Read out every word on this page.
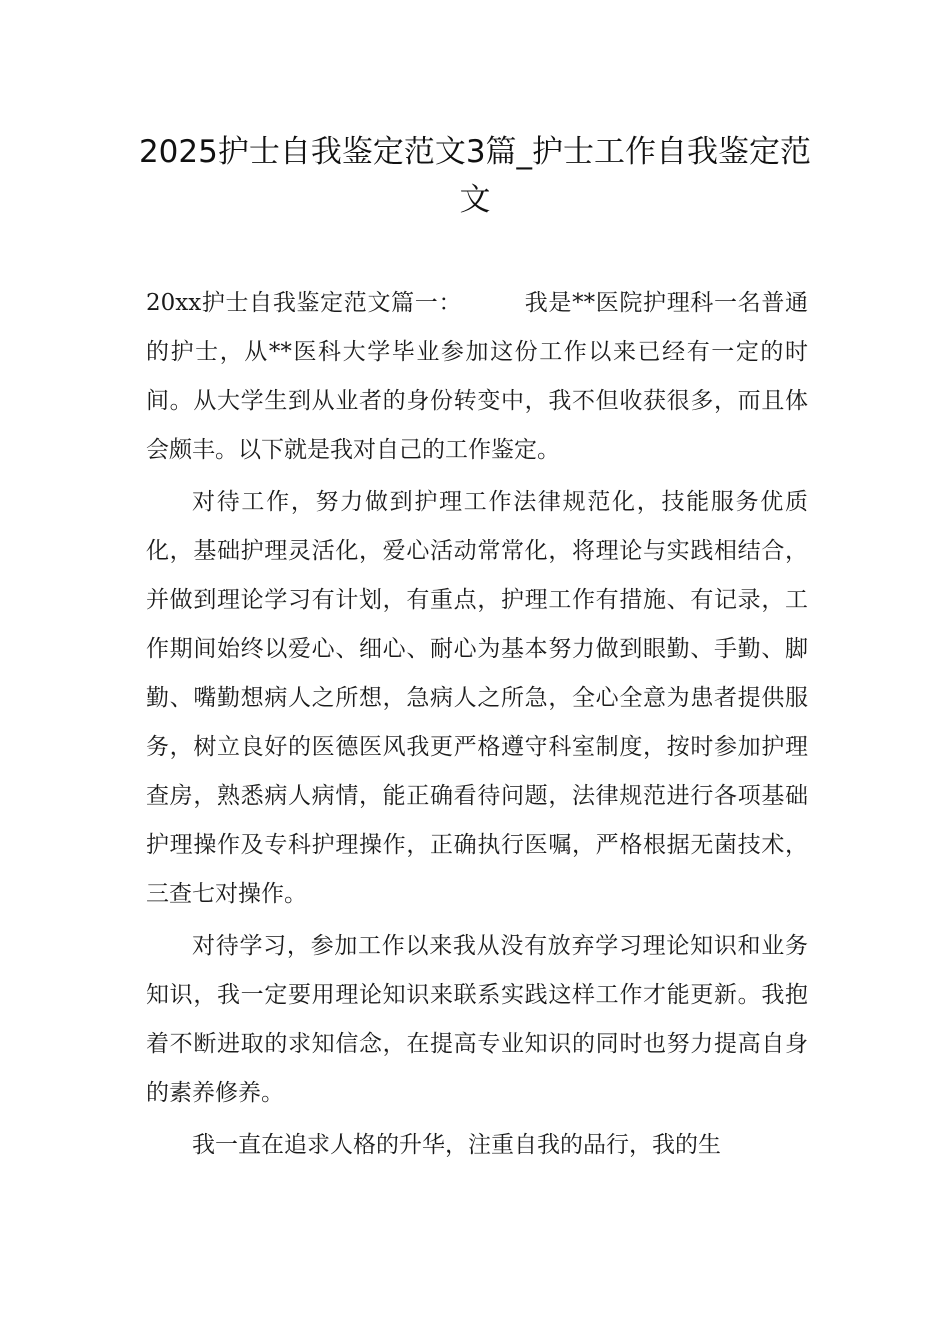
2025护士自我鉴定范文3篇_护士工作自我鉴定范文

20xx护士自我鉴定范文篇一：	我是**医院护理科一名普通的护士，从**医科大学毕业参加这份工作以来已经有一定的时间。从大学生到从业者的身份转变中，我不但收获很多，而且体会颇丰。以下就是我对自己的工作鉴定。

对待工作，努力做到护理工作法律规范化，技能服务优质化，基础护理灵活化，爱心活动常常化，将理论与实践相结合，并做到理论学习有计划，有重点，护理工作有措施、有记录，工作期间始终以爱心、细心、耐心为基本努力做到眼勤、手勤、脚勤、嘴勤想病人之所想，急病人之所急，全心全意为患者提供服务，树立良好的医德医风我更严格遵守科室制度，按时参加护理查房，熟悉病人病情，能正确看待问题，法律规范进行各项基础护理操作及专科护理操作，正确执行医嘱，严格根据无菌技术，三查七对操作。

对待学习，参加工作以来我从没有放弃学习理论知识和业务知识，我一定要用理论知识来联系实践这样工作才能更新。我抱着不断进取的求知信念，在提高专业知识的同时也努力提高自身的素养修养。

我一直在追求人格的升华，注重自我的品行，我的生
